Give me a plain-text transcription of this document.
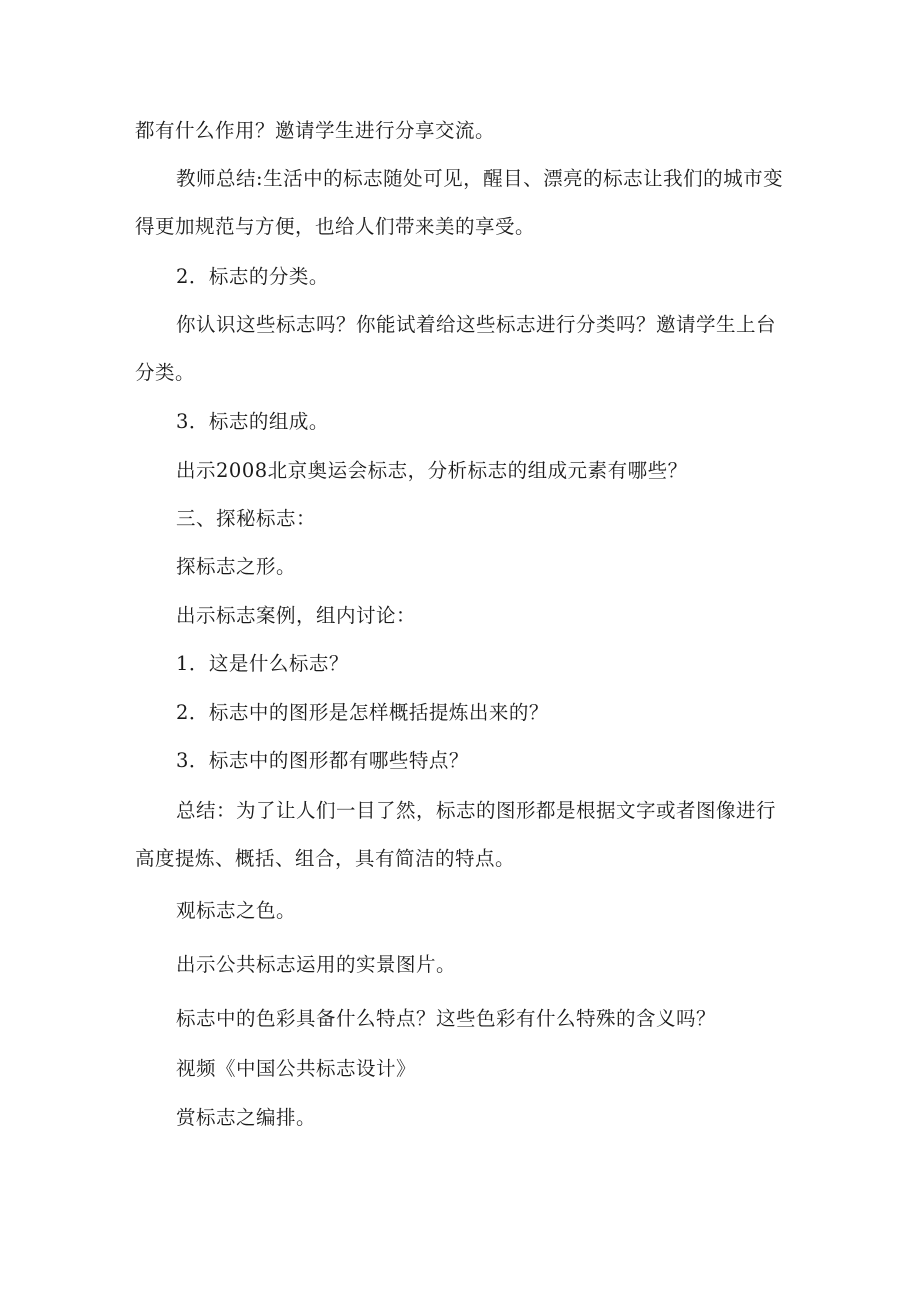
都有什么作用？邀请学生进行分享交流。
教师总结:生活中的标志随处可见，醒目、漂亮的标志让我们的城市变
得更加规范与方便，也给人们带来美的享受。
2．标志的分类。
你认识这些标志吗？你能试着给这些标志进行分类吗？邀请学生上台
分类。
3．标志的组成。
出示2008北京奥运会标志，分析标志的组成元素有哪些？
三、探秘标志：
探标志之形。
出示标志案例，组内讨论：
1．这是什么标志？
2．标志中的图形是怎样概括提炼出来的？
3．标志中的图形都有哪些特点？
总结：为了让人们一目了然，标志的图形都是根据文字或者图像进行
高度提炼、概括、组合，具有简洁的特点。
观标志之色。
出示公共标志运用的实景图片。
标志中的色彩具备什么特点？这些色彩有什么特殊的含义吗？
视频《中国公共标志设计》
赏标志之编排。
